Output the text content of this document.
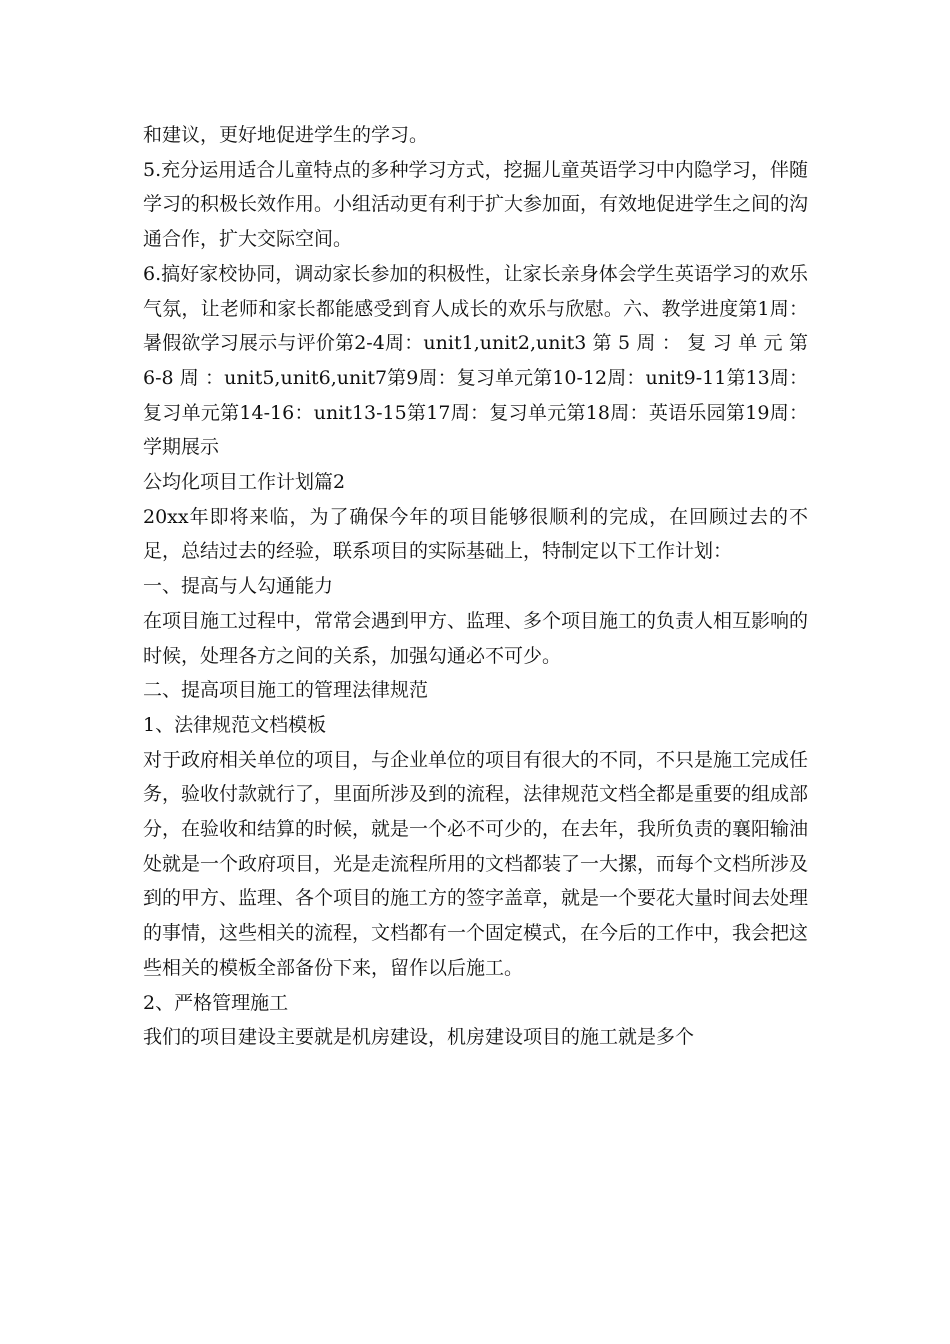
和建议，更好地促进学生的学习。

5.充分运用适合儿童特点的多种学习方式，挖掘儿童英语学习中内隐学习，伴随学习的积极长效作用。小组活动更有利于扩大参加面，有效地促进学生之间的沟通合作，扩大交际空间。

6.搞好家校协同，调动家长参加的积极性，让家长亲身体会学生英语学习的欢乐气氛，让老师和家长都能感受到育人成长的欢乐与欣慰。六、教学进度第1周：暑假欲学习展示与评价第2-4周：unit1,unit2,unit3 第 5 周 ： 复 习 单 元 第 6-8 周 ：unit5,unit6,unit7第9周：复习单元第10-12周：unit9-11第13周：复习单元第14-16：unit13-15第17周：复习单元第18周：英语乐园第19周：学期展示

公均化项目工作计划篇2

20xx年即将来临，为了确保今年的项目能够很顺利的完成，在回顾过去的不足，总结过去的经验，联系项目的实际基础上，特制定以下工作计划：

一、提高与人勾通能力

在项目施工过程中，常常会遇到甲方、监理、多个项目施工的负责人相互影响的时候，处理各方之间的关系，加强勾通必不可少。

二、提高项目施工的管理法律规范

1、法律规范文档模板

对于政府相关单位的项目，与企业单位的项目有很大的不同，不只是施工完成任务，验收付款就行了，里面所涉及到的流程，法律规范文档全都是重要的组成部分，在验收和结算的时候，就是一个必不可少的，在去年，我所负责的襄阳输油处就是一个政府项目，光是走流程所用的文档都装了一大摞，而每个文档所涉及到的甲方、监理、各个项目的施工方的签字盖章，就是一个要花大量时间去处理的事情，这些相关的流程，文档都有一个固定模式，在今后的工作中，我会把这些相关的模板全部备份下来，留作以后施工。

2、严格管理施工

我们的项目建设主要就是机房建设，机房建设项目的施工就是多个
